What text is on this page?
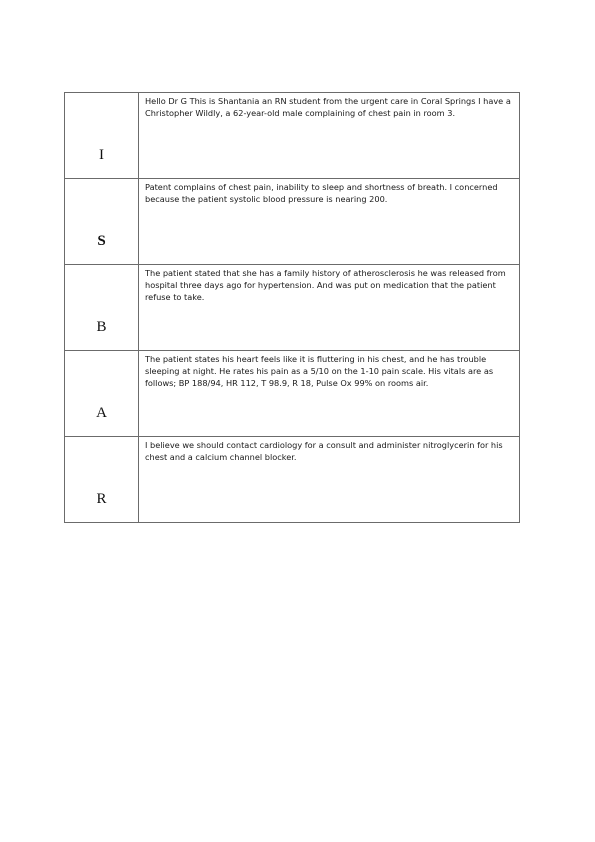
I	Hello Dr G This is Shantania an RN student from the urgent care in Coral Springs I have a Christopher Wildly, a 62-year-old male complaining of chest pain in room 3.

S	Patent complains of chest pain, inability to sleep and shortness of breath. I concerned because the patient systolic blood pressure is nearing 200.

B	The patient stated that she has a family history of atherosclerosis he was released from hospital three days ago for hypertension. And was put on medication that the patient refuse to take.

A	The patient states his heart feels like it is fluttering in his chest, and he has trouble sleeping at night. He rates his pain as a 5/10 on the 1-10 pain scale. His vitals are as follows; BP 188/94, HR 112, T 98.9, R 18, Pulse Ox 99% on rooms air.

R	I believe we should contact cardiology for a consult and administer nitroglycerin for his chest and a calcium channel blocker.
